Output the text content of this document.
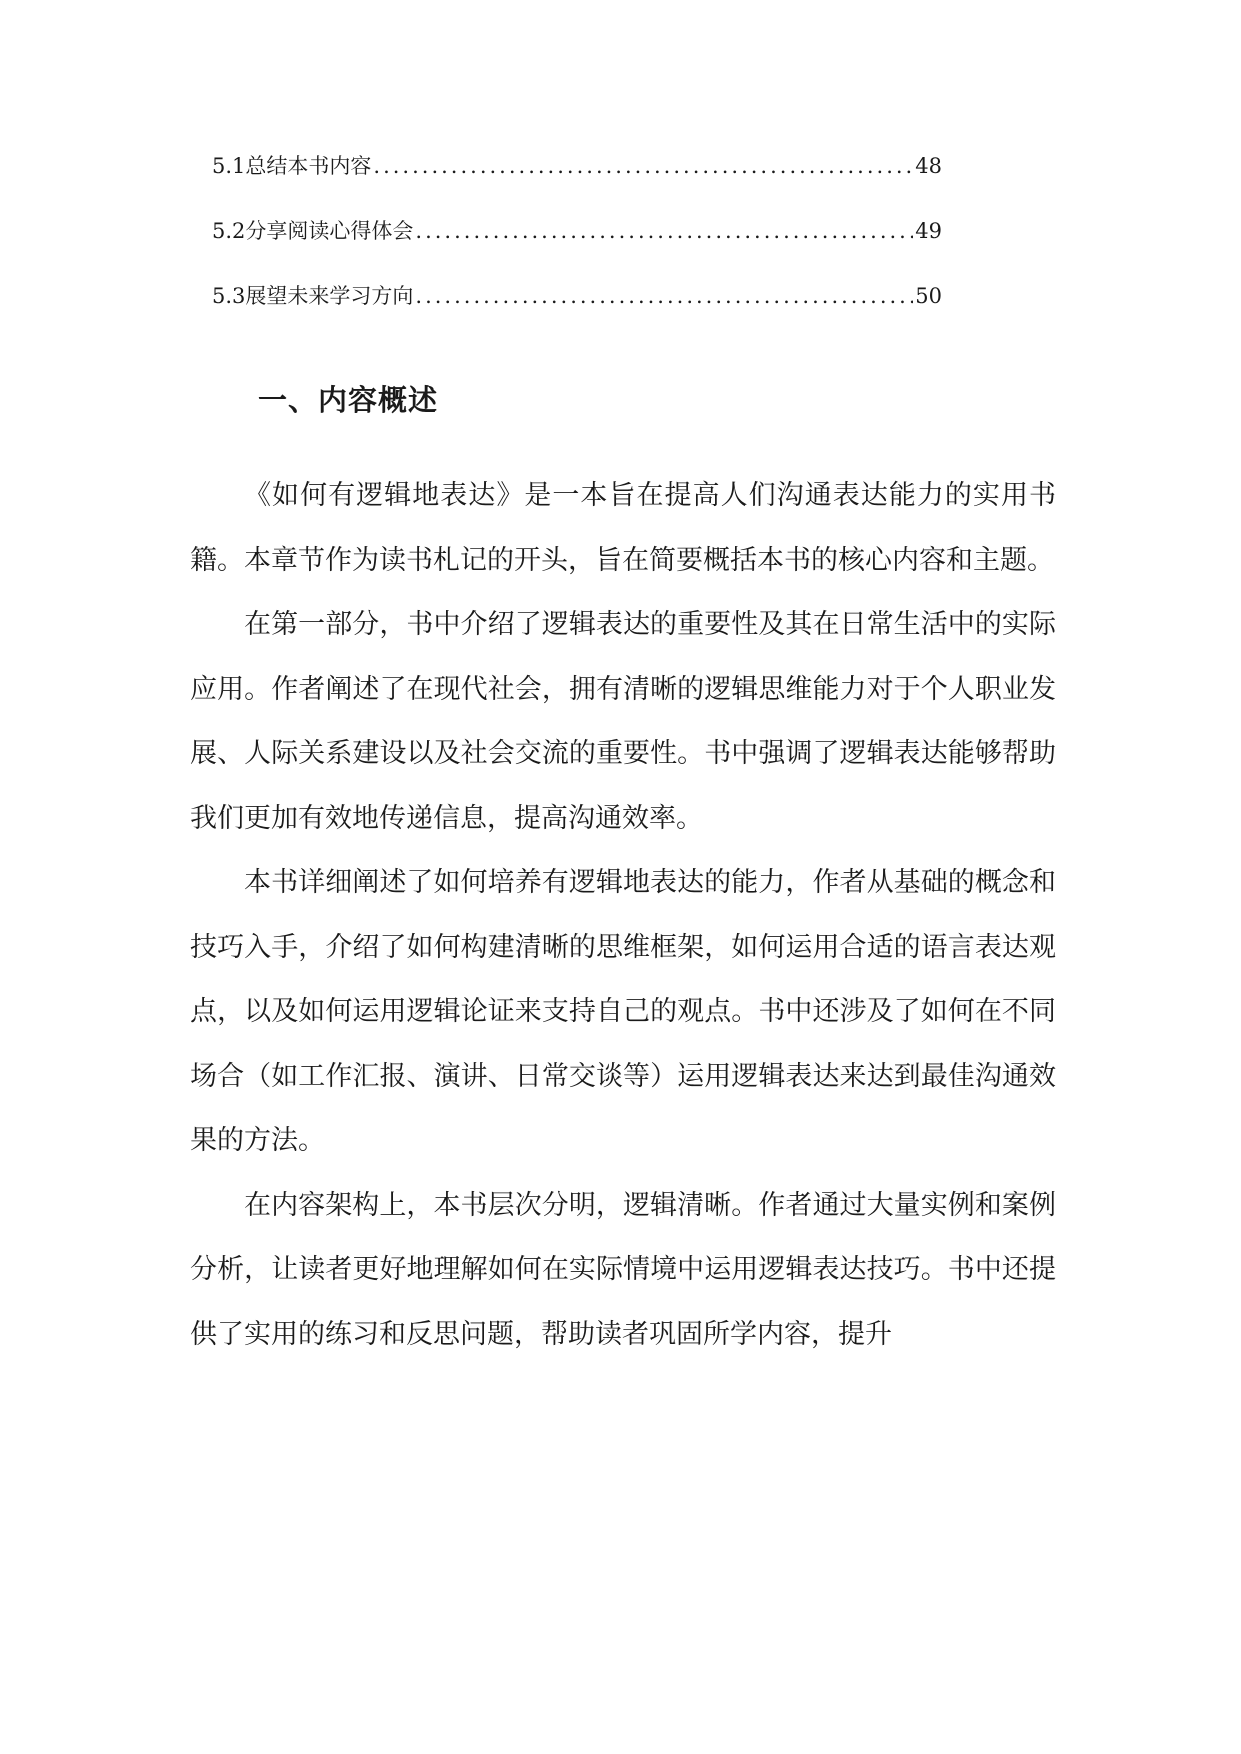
5.1 总结本书内容 .....	48
5.2 分享阅读心得体会 .....	49
5.3 展望未来学习方向 .....	50
一、内容概述

《如何有逻辑地表达》是一本旨在提高人们沟通表达能力的实用书籍。本章节作为读书札记的开头，旨在简要概括本书的核心内容和主题。

在第一部分，书中介绍了逻辑表达的重要性及其在日常生活中的实际应用。作者阐述了在现代社会，拥有清晰的逻辑思维能力对于个人职业发展、人际关系建设以及社会交流的重要性。书中强调了逻辑表达能够帮助我们更加有效地传递信息，提高沟通效率。

本书详细阐述了如何培养有逻辑地表达的能力，作者从基础的概念和技巧入手，介绍了如何构建清晰的思维框架，如何运用合适的语言表达观点，以及如何运用逻辑论证来支持自己的观点。书中还涉及了如何在不同场合（如工作汇报、演讲、日常交谈等）运用逻辑表达来达到最佳沟通效果的方法。

在内容架构上，本书层次分明，逻辑清晰。作者通过大量实例和案例分析，让读者更好地理解如何在实际情境中运用逻辑表达技巧。书中还提供了实用的练习和反思问题，帮助读者巩固所学内容，提升
